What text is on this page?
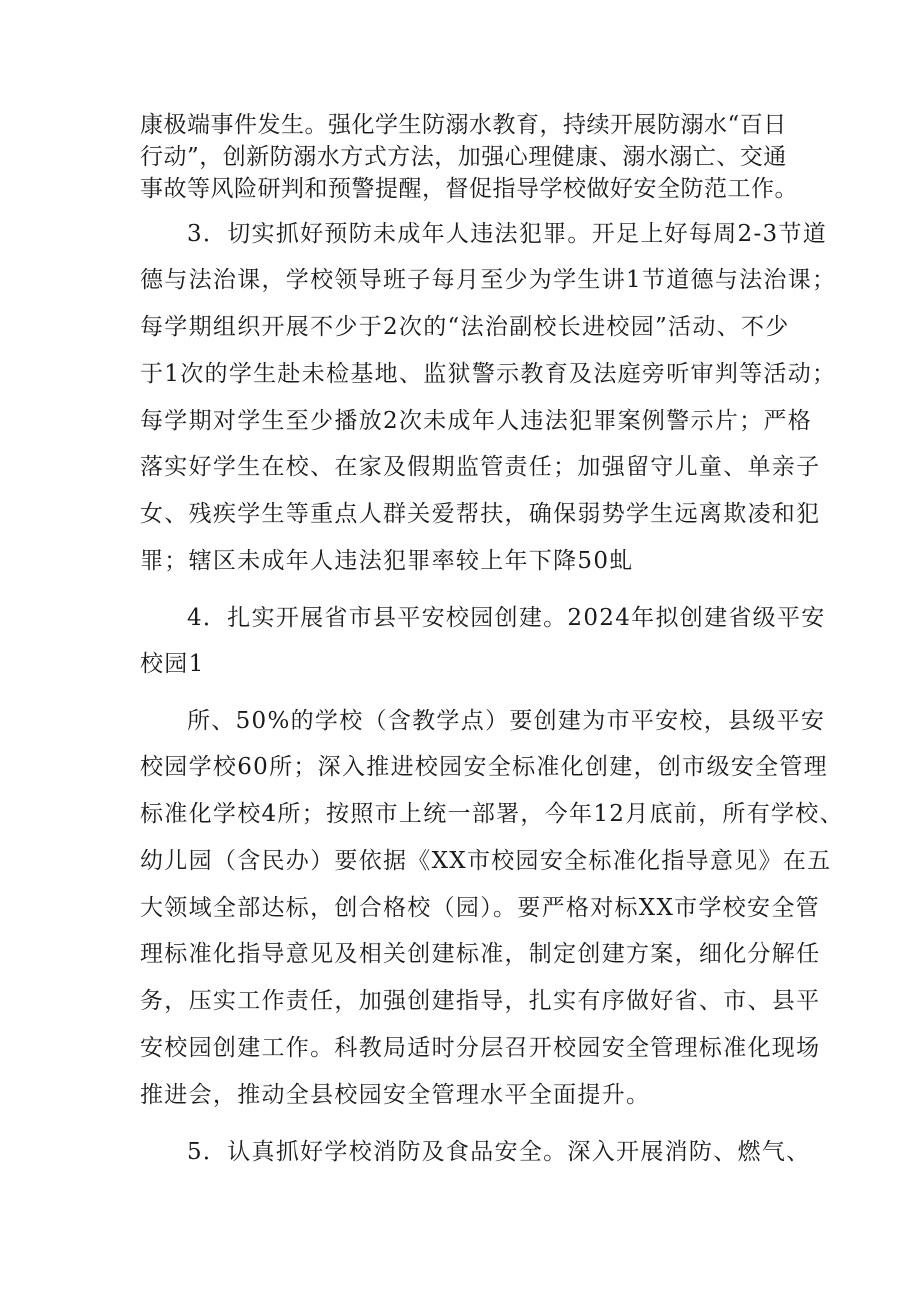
康极端事件发生。强化学生防溺水教育，持续开展防溺水“百日
行动”，创新防溺水方式方法，加强心理健康、溺水溺亡、交通
事故等风险研判和预警提醒，督促指导学校做好安全防范工作。
3．切实抓好预防未成年人违法犯罪。开足上好每周2-3节道
德与法治课，学校领导班子每月至少为学生讲1节道德与法治课；
每学期组织开展不少于2次的“法治副校长进校园”活动、不少
于1次的学生赴未检基地、监狱警示教育及法庭旁听审判等活动；
每学期对学生至少播放2次未成年人违法犯罪案例警示片；严格
落实好学生在校、在家及假期监管责任；加强留守儿童、单亲子
女、残疾学生等重点人群关爱帮扶，确保弱势学生远离欺凌和犯
罪；辖区未成年人违法犯罪率较上年下降50虬
4．扎实开展省市县平安校园创建。2024年拟创建省级平安
校园1
所、50%的学校（含教学点）要创建为市平安校，县级平安
校园学校60所；深入推进校园安全标准化创建，创市级安全管理
标准化学校4所；按照市上统一部署，今年12月底前，所有学校、
幼儿园（含民办）要依据《XX市校园安全标准化指导意见》在五
大领域全部达标，创合格校（园）。要严格对标XX市学校安全管
理标准化指导意见及相关创建标准，制定创建方案，细化分解任
务，压实工作责任，加强创建指导，扎实有序做好省、市、县平
安校园创建工作。科教局适时分层召开校园安全管理标准化现场
推进会，推动全县校园安全管理水平全面提升。
5．认真抓好学校消防及食品安全。深入开展消防、燃气、
